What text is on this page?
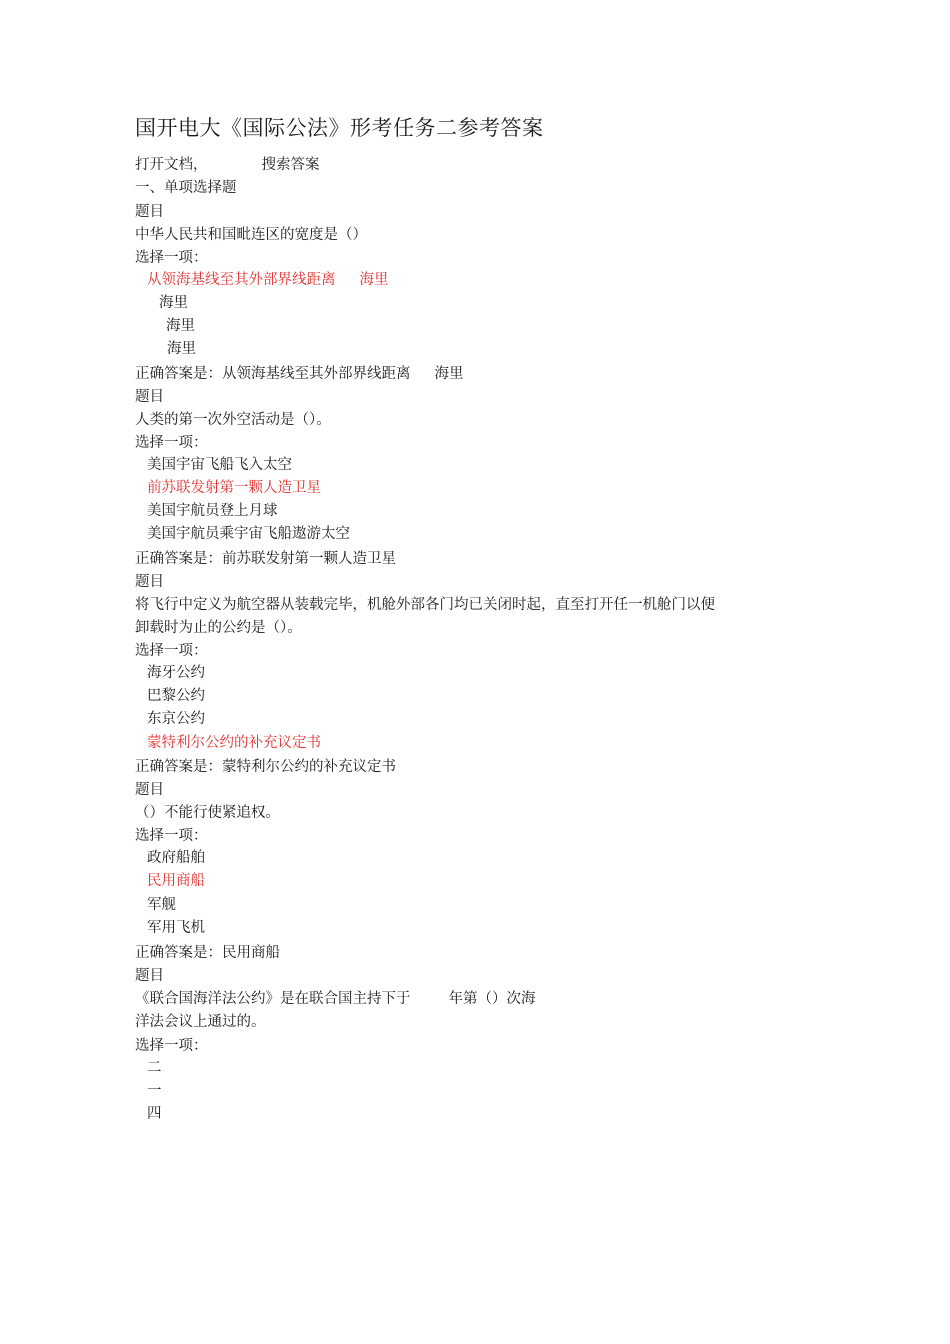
国开电大《国际公法》形考任务二参考答案
打开文档，	搜索答案
一、单项选择题
题目
中华人民共和国毗连区的宽度是（）
选择一项：
从领海基线至其外部界线距离 海里
海里
海里
海里
正确答案是：从领海基线至其外部界线距离 海里
题目
人类的第一次外空活动是（）。
选择一项：
美国宇宙飞船飞入太空
前苏联发射第一颗人造卫星
美国宇航员登上月球
美国宇航员乘宇宙飞船遨游太空
正确答案是：前苏联发射第一颗人造卫星
题目
将飞行中定义为航空器从装载完毕，机舱外部各门均已关闭时起，直至打开任一机舱门以便
卸载时为止的公约是（）。
选择一项：
海牙公约
巴黎公约
东京公约
蒙特利尔公约的补充议定书
正确答案是：蒙特利尔公约的补充议定书
题目
（）不能行使紧追权。
选择一项：
政府船舶
民用商船
军舰
军用飞机
正确答案是：民用商船
题目
《联合国海洋法公约》是在联合国主持下于	年第（）次海
洋法会议上通过的。
选择一项：
二
一
四
